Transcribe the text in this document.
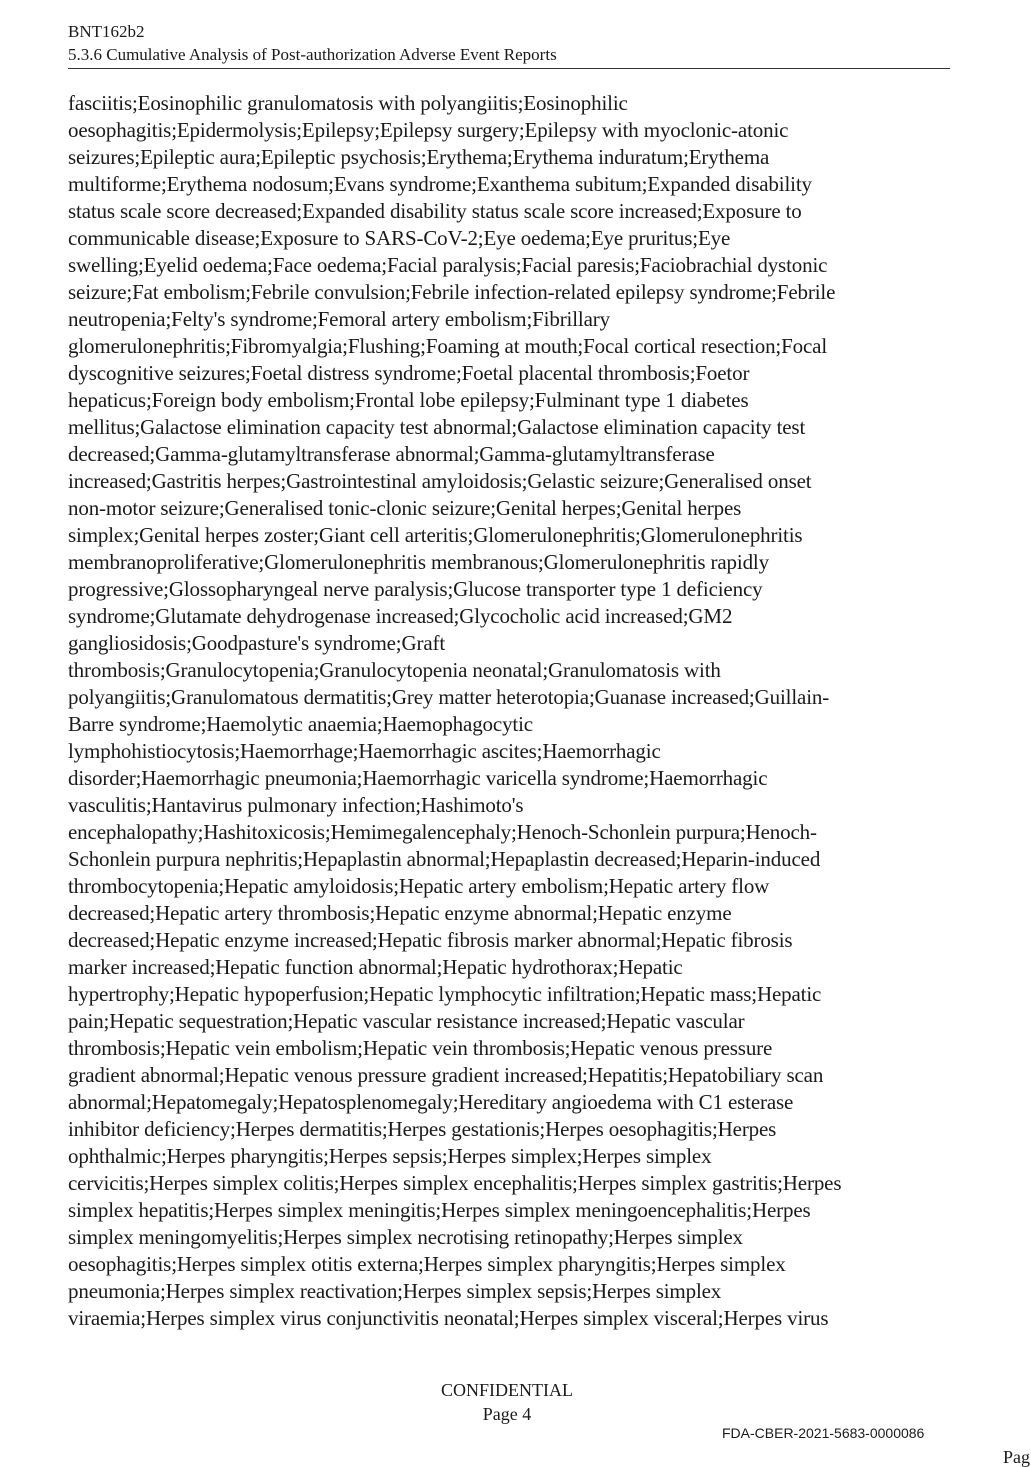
BNT162b2
5.3.6 Cumulative Analysis of Post-authorization Adverse Event Reports
fasciitis;Eosinophilic granulomatosis with polyangiitis;Eosinophilic
oesophagitis;Epidermolysis;Epilepsy;Epilepsy surgery;Epilepsy with myoclonic-atonic
seizures;Epileptic aura;Epileptic psychosis;Erythema;Erythema induratum;Erythema
multiforme;Erythema nodosum;Evans syndrome;Exanthema subitum;Expanded disability
status scale score decreased;Expanded disability status scale score increased;Exposure to
communicable disease;Exposure to SARS-CoV-2;Eye oedema;Eye pruritus;Eye
swelling;Eyelid oedema;Face oedema;Facial paralysis;Facial paresis;Faciobrachial dystonic
seizure;Fat embolism;Febrile convulsion;Febrile infection-related epilepsy syndrome;Febrile
neutropenia;Felty's syndrome;Femoral artery embolism;Fibrillary
glomerulonephritis;Fibromyalgia;Flushing;Foaming at mouth;Focal cortical resection;Focal
dyscognitive seizures;Foetal distress syndrome;Foetal placental thrombosis;Foetor
hepaticus;Foreign body embolism;Frontal lobe epilepsy;Fulminant type 1 diabetes
mellitus;Galactose elimination capacity test abnormal;Galactose elimination capacity test
decreased;Gamma-glutamyltransferase abnormal;Gamma-glutamyltransferase
increased;Gastritis herpes;Gastrointestinal amyloidosis;Gelastic seizure;Generalised onset
non-motor seizure;Generalised tonic-clonic seizure;Genital herpes;Genital herpes
simplex;Genital herpes zoster;Giant cell arteritis;Glomerulonephritis;Glomerulonephritis
membranoproliferative;Glomerulonephritis membranous;Glomerulonephritis rapidly
progressive;Glossopharyngeal nerve paralysis;Glucose transporter type 1 deficiency
syndrome;Glutamate dehydrogenase increased;Glycocholic acid increased;GM2
gangliosidosis;Goodpasture's syndrome;Graft
thrombosis;Granulocytopenia;Granulocytopenia neonatal;Granulomatosis with
polyangiitis;Granulomatous dermatitis;Grey matter heterotopia;Guanase increased;Guillain-
Barre syndrome;Haemolytic anaemia;Haemophagocytic
lymphohistiocytosis;Haemorrhage;Haemorrhagic ascites;Haemorrhagic
disorder;Haemorrhagic pneumonia;Haemorrhagic varicella syndrome;Haemorrhagic
vasculitis;Hantavirus pulmonary infection;Hashimoto's
encephalopathy;Hashitoxicosis;Hemimegalencephaly;Henoch-Schonlein purpura;Henoch-
Schonlein purpura nephritis;Hepaplastin abnormal;Hepaplastin decreased;Heparin-induced
thrombocytopenia;Hepatic amyloidosis;Hepatic artery embolism;Hepatic artery flow
decreased;Hepatic artery thrombosis;Hepatic enzyme abnormal;Hepatic enzyme
decreased;Hepatic enzyme increased;Hepatic fibrosis marker abnormal;Hepatic fibrosis
marker increased;Hepatic function abnormal;Hepatic hydrothorax;Hepatic
hypertrophy;Hepatic hypoperfusion;Hepatic lymphocytic infiltration;Hepatic mass;Hepatic
pain;Hepatic sequestration;Hepatic vascular resistance increased;Hepatic vascular
thrombosis;Hepatic vein embolism;Hepatic vein thrombosis;Hepatic venous pressure
gradient abnormal;Hepatic venous pressure gradient increased;Hepatitis;Hepatobiliary scan
abnormal;Hepatomegaly;Hepatosplenomegaly;Hereditary angioedema with C1 esterase
inhibitor deficiency;Herpes dermatitis;Herpes gestationis;Herpes oesophagitis;Herpes
ophthalmic;Herpes pharyngitis;Herpes sepsis;Herpes simplex;Herpes simplex
cervicitis;Herpes simplex colitis;Herpes simplex encephalitis;Herpes simplex gastritis;Herpes
simplex hepatitis;Herpes simplex meningitis;Herpes simplex meningoencephalitis;Herpes
simplex meningomyelitis;Herpes simplex necrotising retinopathy;Herpes simplex
oesophagitis;Herpes simplex otitis externa;Herpes simplex pharyngitis;Herpes simplex
pneumonia;Herpes simplex reactivation;Herpes simplex sepsis;Herpes simplex
viraemia;Herpes simplex virus conjunctivitis neonatal;Herpes simplex visceral;Herpes virus
CONFIDENTIAL
Page 4
FDA-CBER-2021-5683-0000086
Pag
